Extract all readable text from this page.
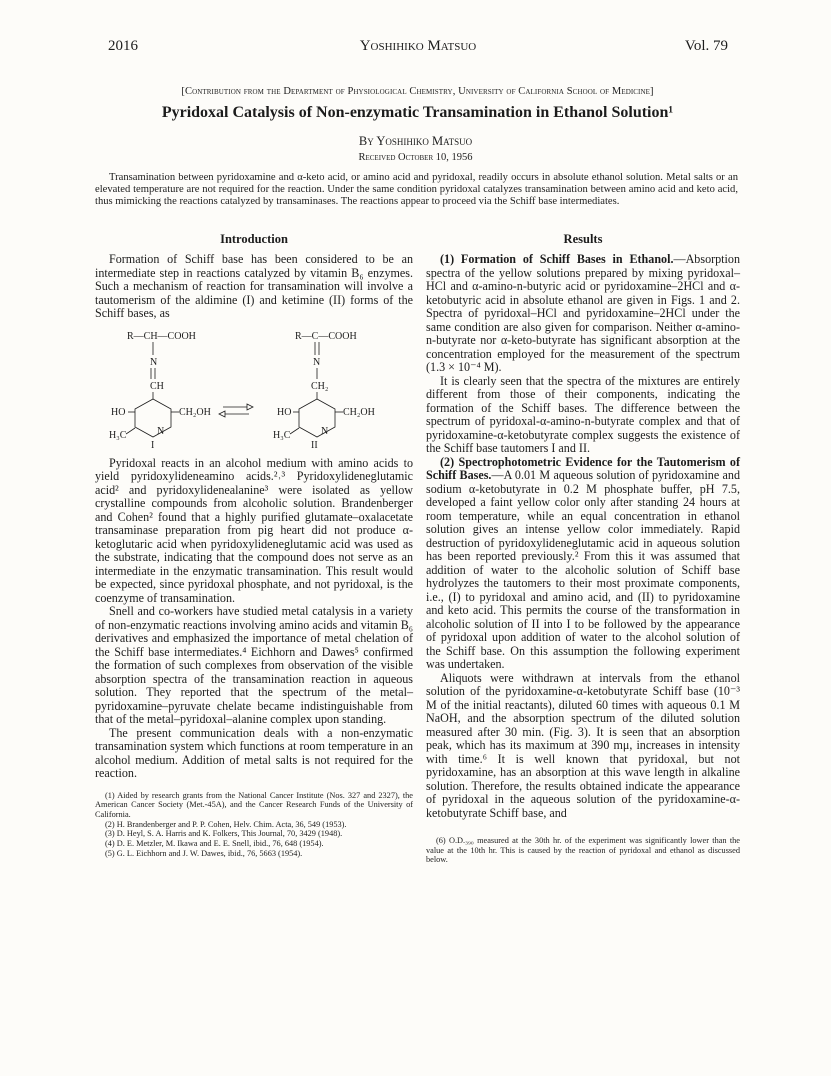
2016	Yoshihiko Matsuo	Vol. 79
[Contribution from the Department of Physiological Chemistry, University of California School of Medicine]
Pyridoxal Catalysis of Non-enzymatic Transamination in Ethanol Solution¹
By Yoshihiko Matsuo
Received October 10, 1956

Transamination between pyridoxamine and α-keto acid, or amino acid and pyridoxal, readily occurs in absolute ethanol solution. Metal salts or an elevated temperature are not required for the reaction. Under the same condition pyridoxal catalyzes transamination between amino acid and keto acid, thus mimicking the reactions catalyzed by transaminases. The reactions appear to proceed via the Schiff base intermediates.

Introduction

Formation of Schiff base has been considered to be an intermediate step in reactions catalyzed by vitamin B₆ enzymes. Such a mechanism of reaction for transamination will involve a tautomerism of the aldimine (I) and ketimine (II) forms of the Schiff bases, as

R—CH—COOH
N
CH
HO	CH₂OH
H₃C	N
I
R—C—COOH
N
CH₂
HO	CH₂OH
H₃C	N
II

Pyridoxal reacts in an alcohol medium with amino acids to yield pyridoxylideneamino acids.²˒³ Pyridoxylideneglutamic acid² and pyridoxylidenealanine³ were isolated as yellow crystalline compounds from alcoholic solution. Brandenberger and Cohen² found that a highly purified glutamate–oxalacetate transaminase preparation from pig heart did not produce α-ketoglutaric acid when pyridoxylideneglutamic acid was used as the substrate, indicating that the compound does not serve as an intermediate in the enzymatic transamination. This result would be expected, since pyridoxal phosphate, and not pyridoxal, is the coenzyme of transamination.

Snell and co-workers have studied metal catalysis in a variety of non-enzymatic reactions involving amino acids and vitamin B₆ derivatives and emphasized the importance of metal chelation of the Schiff base intermediates.⁴ Eichhorn and Dawes⁵ confirmed the formation of such complexes from observation of the visible absorption spectra of the transamination reaction in aqueous solution. They reported that the spectrum of the metal–pyridoxamine–pyruvate chelate became indistinguishable from that of the metal–pyridoxal–alanine complex upon standing.

The present communication deals with a non-enzymatic transamination system which functions at room temperature in an alcohol medium. Addition of metal salts is not required for the reaction.

(1) Aided by research grants from the National Cancer Institute (Nos. 327 and 2327), the American Cancer Society (Met.-45A), and the Cancer Research Funds of the University of California.

(2) H. Brandenberger and P. P. Cohen, Helv. Chim. Acta, 36, 549 (1953).

(3) D. Heyl, S. A. Harris and K. Folkers, This Journal, 70, 3429 (1948).

(4) D. E. Metzler, M. Ikawa and E. E. Snell, ibid., 76, 648 (1954).

(5) G. L. Eichhorn and J. W. Dawes, ibid., 76, 5663 (1954).

Results

(1) Formation of Schiff Bases in Ethanol.—Absorption spectra of the yellow solutions prepared by mixing pyridoxal–HCl and α-amino-n-butyric acid or pyridoxamine–2HCl and α-ketobutyric acid in absolute ethanol are given in Figs. 1 and 2. Spectra of pyridoxal–HCl and pyridoxamine–2HCl under the same condition are also given for comparison. Neither α-amino-n-butyrate nor α-keto-butyrate has significant absorption at the concentration employed for the measurement of the spectrum (1.3 × 10⁻⁴ M).

It is clearly seen that the spectra of the mixtures are entirely different from those of their components, indicating the formation of the Schiff bases. The difference between the spectrum of pyridoxal-α-amino-n-butyrate complex and that of pyridoxamine-α-ketobutyrate complex suggests the existence of the Schiff base tautomers I and II.

(2) Spectrophotometric Evidence for the Tautomerism of Schiff Bases.—A 0.01 M aqueous solution of pyridoxamine and sodium α-ketobutyrate in 0.2 M phosphate buffer, pH 7.5, developed a faint yellow color only after standing 24 hours at room temperature, while an equal concentration in ethanol solution gives an intense yellow color immediately. Rapid destruction of pyridoxylideneglutamic acid in aqueous solution has been reported previously.² From this it was assumed that addition of water to the alcoholic solution of Schiff base hydrolyzes the tautomers to their most proximate components, i.e., (I) to pyridoxal and amino acid, and (II) to pyridoxamine and keto acid. This permits the course of the transformation in alcoholic solution of II into I to be followed by the appearance of pyridoxal upon addition of water to the alcohol solution of the Schiff base. On this assumption the following experiment was undertaken.

Aliquots were withdrawn at intervals from the ethanol solution of the pyridoxamine-α-ketobutyrate Schiff base (10⁻³ M of the initial reactants), diluted 60 times with aqueous 0.1 M NaOH, and the absorption spectrum of the diluted solution measured after 30 min. (Fig. 3). It is seen that an absorption peak, which has its maximum at 390 mμ, increases in intensity with time.⁶ It is well known that pyridoxal, but not pyridoxamine, has an absorption at this wave length in alkaline solution. Therefore, the results obtained indicate the appearance of pyridoxal in the aqueous solution of the pyridoxamine-α-ketobutyrate Schiff base, and

(6) O.D.₃₉₀ measured at the 30th hr. of the experiment was significantly lower than the value at the 10th hr. This is caused by the reaction of pyridoxal and ethanol as discussed below.
